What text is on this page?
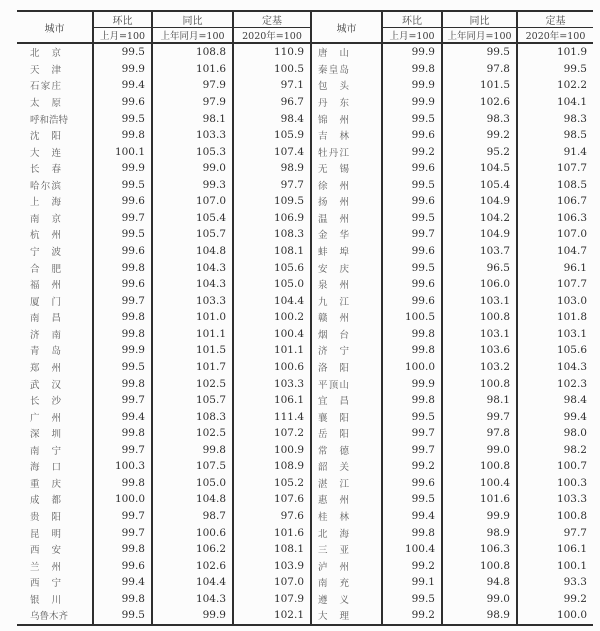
城市	环比	同比	定基	城市	环比	同比	定基
	上月=100	上年同月=100	2020年=100		上月=100	上年同月=100	2020年=100

北 京	99.5	108.8	110.9	唐 山	99.9	99.5	101.9

天 津	99.9	101.6	100.5	秦 皇 岛	99.8	97.8	99.5

石 家 庄	99.4	97.9	97.1	包 头	99.9	101.5	102.2

太 原	99.6	97.9	96.7	丹 东	99.9	102.6	104.1

呼 和 浩 特	99.5	98.1	98.4	锦 州	99.5	98.3	98.3

沈 阳	99.8	103.3	105.9	吉 林	99.6	99.2	98.5

大 连	100.1	105.3	107.4	牡 丹 江	99.2	95.2	91.4

长 春	99.9	99.0	98.9	无 锡	99.6	104.5	107.7

哈 尔 滨	99.5	99.3	97.7	徐 州	99.5	105.4	108.5

上 海	99.6	107.0	109.5	扬 州	99.6	104.9	106.7

南 京	99.7	105.4	106.9	温 州	99.5	104.2	106.3

杭 州	99.5	105.7	108.3	金 华	99.7	104.9	107.0

宁 波	99.6	104.8	108.1	蚌 埠	99.6	103.7	104.7

合 肥	99.8	104.3	105.6	安 庆	99.5	96.5	96.1

福 州	99.6	104.3	105.0	泉 州	99.6	106.0	107.7

厦 门	99.7	103.3	104.4	九 江	99.6	103.1	103.0

南 昌	99.8	101.0	100.2	赣 州	100.5	100.8	101.8

济 南	99.8	101.1	100.4	烟 台	99.8	103.1	103.1

青 岛	99.9	101.5	101.1	济 宁	99.8	103.6	105.6

郑 州	99.5	101.7	100.6	洛 阳	100.0	103.2	104.3

武 汉	99.8	102.5	103.3	平 顶 山	99.9	100.8	102.3

长 沙	99.7	105.7	106.1	宜 昌	99.8	98.1	98.4

广 州	99.4	108.3	111.4	襄 阳	99.5	99.7	99.4

深 圳	99.8	102.5	107.2	岳 阳	99.7	97.8	98.0

南 宁	99.7	99.8	100.9	常 德	99.7	99.0	98.2

海 口	100.3	107.5	108.9	韶 关	99.2	100.8	100.7

重 庆	99.8	105.0	105.2	湛 江	99.6	100.4	100.3

成 都	100.0	104.8	107.6	惠 州	99.5	101.6	103.3

贵 阳	99.7	98.7	97.6	桂 林	99.4	99.9	100.8

昆 明	99.7	100.6	101.6	北 海	99.8	98.9	97.7

西 安	99.8	106.2	108.1	三 亚	100.4	106.3	106.1

兰 州	99.6	102.6	103.9	泸 州	99.2	100.8	100.1

西 宁	99.4	104.4	107.0	南 充	99.1	94.8	93.3

银 川	99.8	104.3	107.9	遵 义	99.5	99.0	99.2

乌 鲁 木 齐	99.5	99.9	102.1	大 理	99.2	98.9	100.0
